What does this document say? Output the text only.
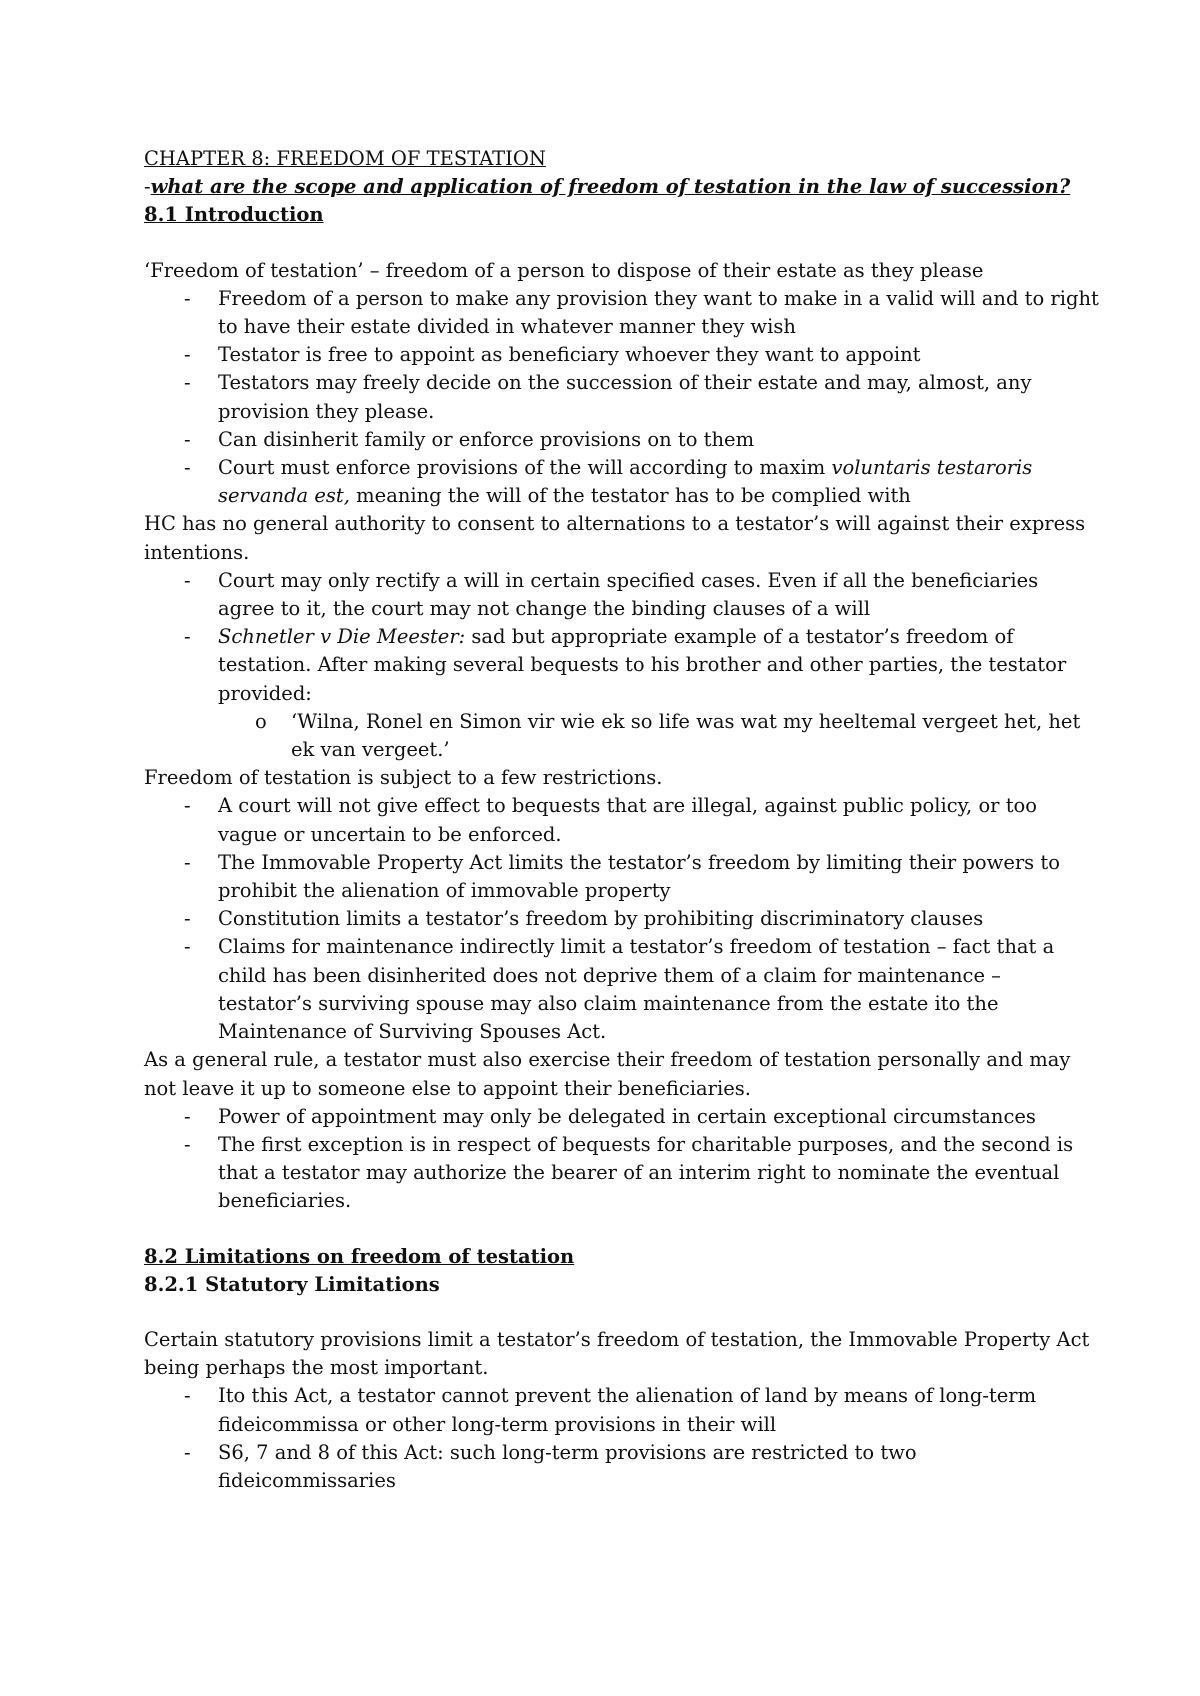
CHAPTER 8: FREEDOM OF TESTATION

-what are the scope and application of freedom of testation in the law of succession?

8.1 Introduction

‘Freedom of testation’ – freedom of a person to dispose of their estate as they please

- Freedom of a person to make any provision they want to make in a valid will and to right to have their estate divided in whatever manner they wish
- Testator is free to appoint as beneficiary whoever they want to appoint
- Testators may freely decide on the succession of their estate and may, almost, any provision they please.
- Can disinherit family or enforce provisions on to them
- Court must enforce provisions of the will according to maxim voluntaris testaroris servanda est, meaning the will of the testator has to be complied with

HC has no general authority to consent to alternations to a testator’s will against their express intentions.

- Court may only rectify a will in certain specified cases. Even if all the beneficiaries agree to it, the court may not change the binding clauses of a will
- Schnetler v Die Meester: sad but appropriate example of a testator’s freedom of testation. After making several bequests to his brother and other parties, the testator provided:
o ‘Wilna, Ronel en Simon vir wie ek so life was wat my heeltemal vergeet het, het ek van vergeet.’

Freedom of testation is subject to a few restrictions.

- A court will not give effect to bequests that are illegal, against public policy, or too vague or uncertain to be enforced.
- The Immovable Property Act limits the testator’s freedom by limiting their powers to prohibit the alienation of immovable property
- Constitution limits a testator’s freedom by prohibiting discriminatory clauses
- Claims for maintenance indirectly limit a testator’s freedom of testation – fact that a child has been disinherited does not deprive them of a claim for maintenance – testator’s surviving spouse may also claim maintenance from the estate ito the Maintenance of Surviving Spouses Act.

As a general rule, a testator must also exercise their freedom of testation personally and may not leave it up to someone else to appoint their beneficiaries.

- Power of appointment may only be delegated in certain exceptional circumstances
- The first exception is in respect of bequests for charitable purposes, and the second is that a testator may authorize the bearer of an interim right to nominate the eventual beneficiaries.

8.2 Limitations on freedom of testation

8.2.1 Statutory Limitations

Certain statutory provisions limit a testator’s freedom of testation, the Immovable Property Act being perhaps the most important.

- Ito this Act, a testator cannot prevent the alienation of land by means of long-term fideicommissa or other long-term provisions in their will
- S6, 7 and 8 of this Act: such long-term provisions are restricted to two fideicommissaries
